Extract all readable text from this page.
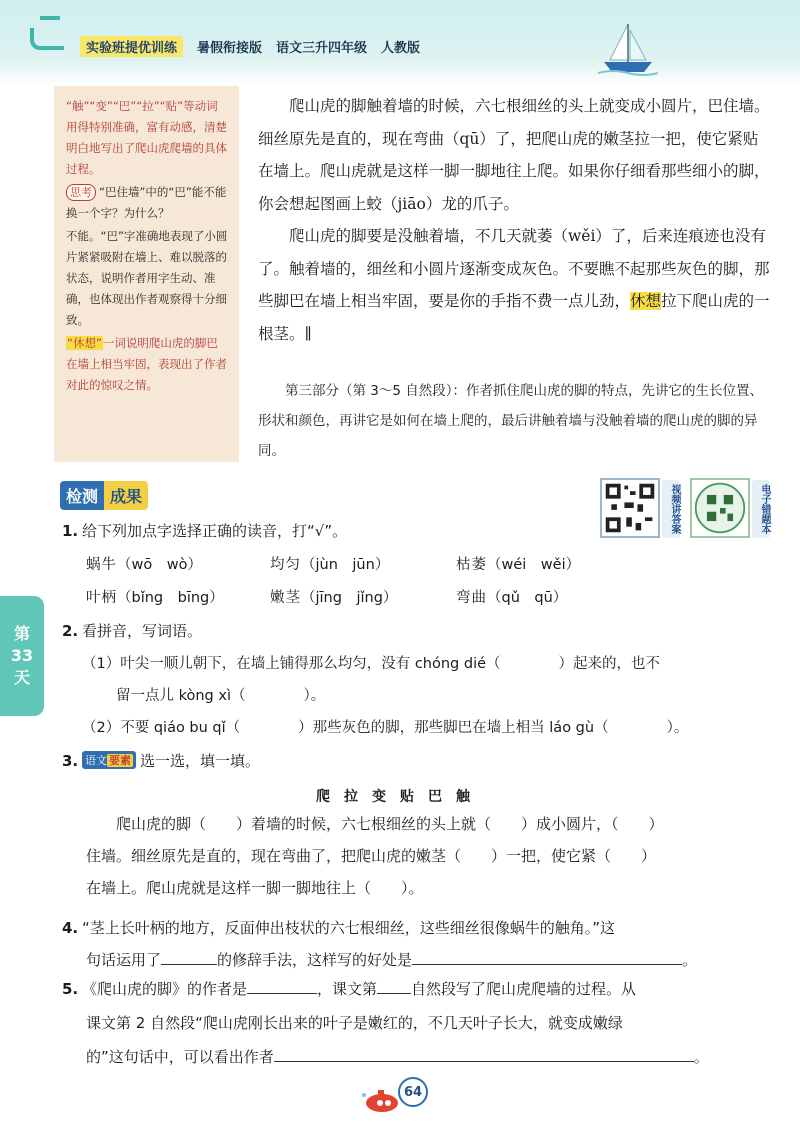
实验班提优训练	暑假衔接版 语文三升四年级 人教版

“触”“变”“巴”“拉”“贴”等动词用得特别准确，富有动感，清楚明白地写出了爬山虎爬墙的具体过程。

思考 “巴住墙”中的“巴”能不能换一个字？为什么？

不能。“巴”字准确地表现了小圆片紧紧吸附在墙上、难以脱落的状态，说明作者用字生动、准确，也体现出作者观察得十分细致。

“休想”一词说明爬山虎的脚巴在墙上相当牢固，表现出了作者对此的惊叹之情。

爬山虎的脚触着墙的时候，六七根细丝的头上就变成小圆片，巴住墙。细丝原先是直的，现在弯曲（qū）了，把爬山虎的嫩茎拉一把，使它紧贴在墙上。爬山虎就是这样一脚一脚地往上爬。如果你仔细看那些细小的脚，你会想起图画上蛟（jiāo）龙的爪子。

爬山虎的脚要是没触着墙，不几天就萎（wěi）了，后来连痕迹也没有了。触着墙的，细丝和小圆片逐渐变成灰色。不要瞧不起那些灰色的脚，那些脚巴在墙上相当牢固，要是你的手指不费一点儿劲，休想拉下爬山虎的一根茎。∥

第三部分（第 3～5 自然段）：作者抓住爬山虎的脚的特点，先讲它的生长位置、形状和颜色，再讲它是如何在墙上爬的，最后讲触着墙与没触着墙的爬山虎的脚的异同。

检测 成果	视频讲答案	电子错题本
第
33
天
1. 给下列加点字选择正确的读音，打“√”。
蜗牛（wō　wò）	均匀（jùn　jūn）	枯萎（wéi　wěi）
叶柄（bǐng　bīng）	嫩茎（jīng　jǐng）	弯曲（qǔ　qū）
2. 看拼音，写词语。
（1）叶尖一顺儿朝下，在墙上铺得那么均匀，没有 chóng dié（	）起来的，也不
留一点儿 kòng xì（	）。
（2）不要 qiáo bu qǐ（	）那些灰色的脚，那些脚巴在墙上相当 láo gù（	）。
3. 语文 要素 选一选，填一填。
爬拉变贴巴触
爬山虎的脚（　　）着墙的时候，六七根细丝的头上就（　　）成小圆片，（　　）
住墙。细丝原先是直的，现在弯曲了，把爬山虎的嫩茎（　　）一把，使它紧（　　）
在墙上。爬山虎就是这样一脚一脚地往上（　　）。
4. “茎上长叶柄的地方，反面伸出枝状的六七根细丝，这些细丝很像蜗牛的触角。”这
句话运用了	的修辞手法，这样写的好处是	。
5. 《爬山虎的脚》的作者是	，课文第 自然段写了爬山虎爬墙的过程。从
课文第 2 自然段“爬山虎刚长出来的叶子是嫩红的，不几天叶子长大，就变成嫩绿
的”这句话中，可以看出作者	。
64
